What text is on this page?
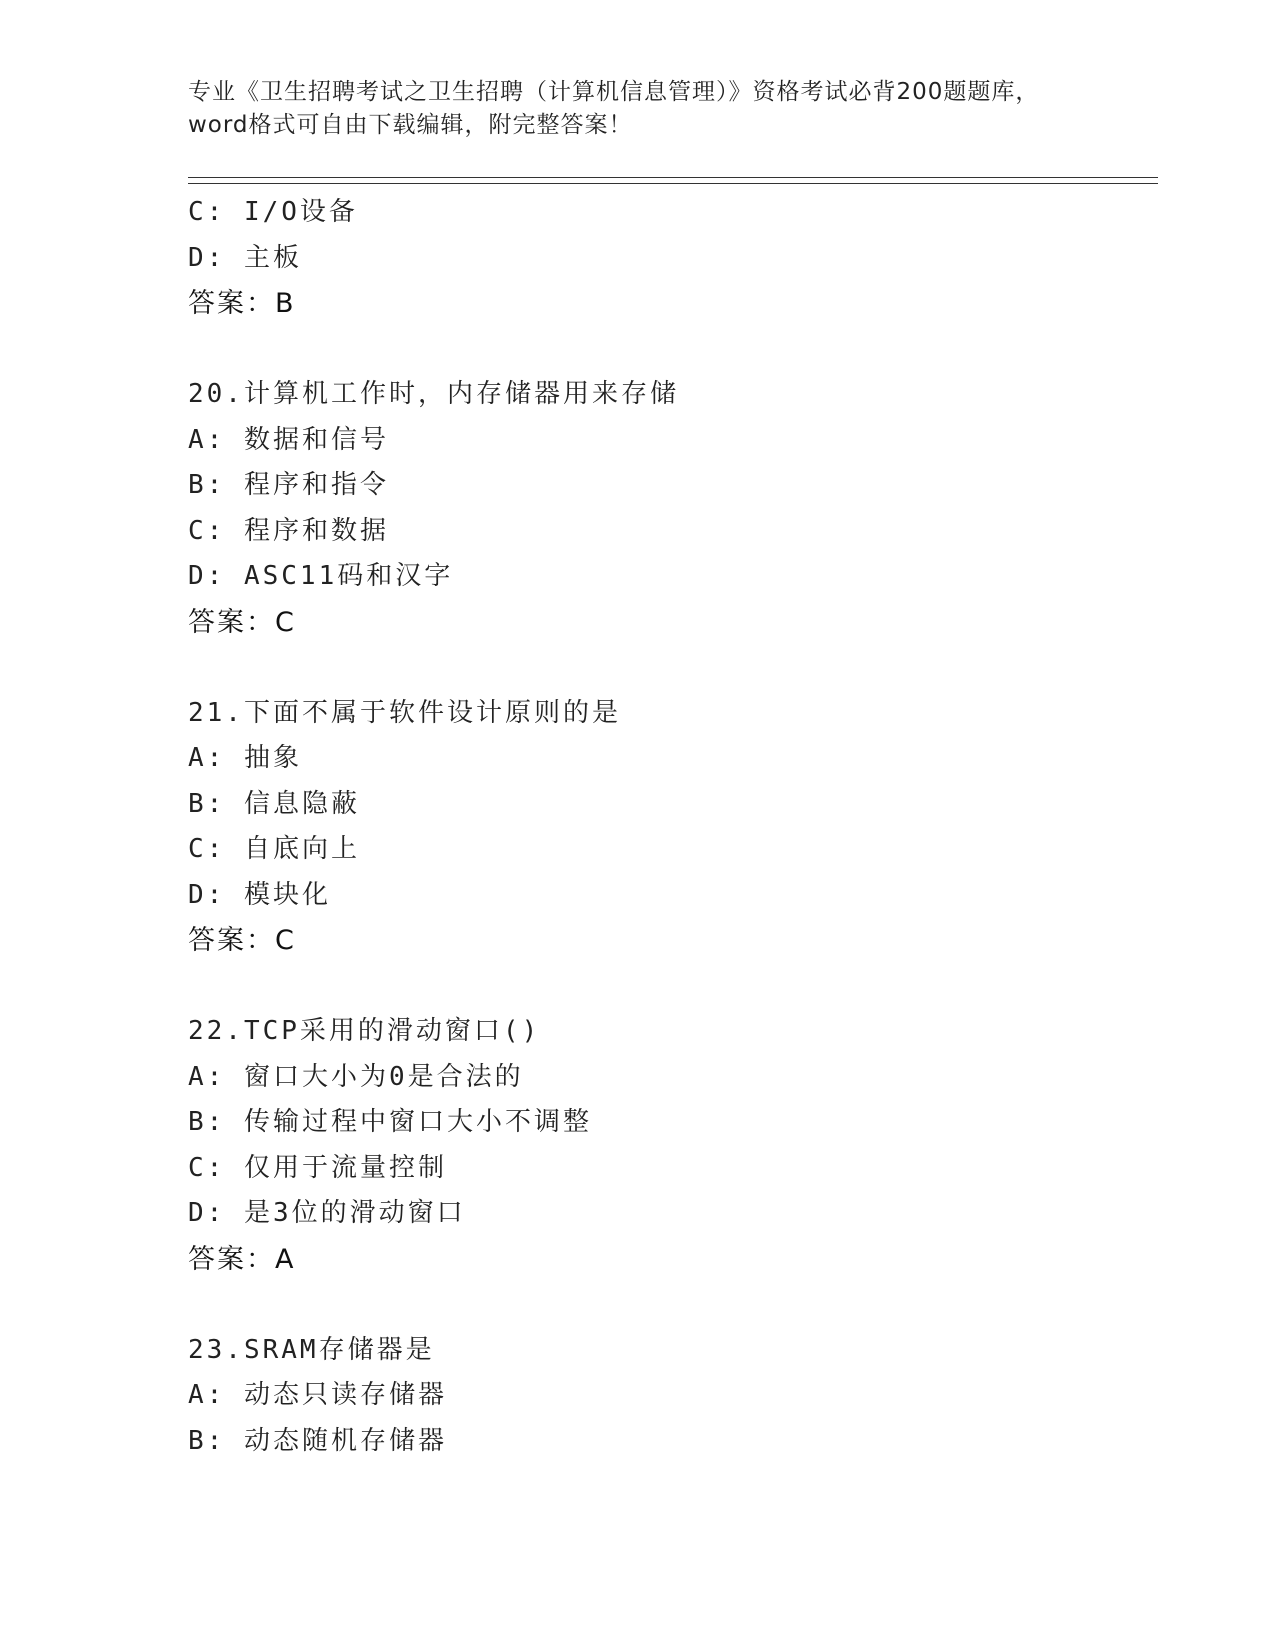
专业《卫生招聘考试之卫生招聘（计算机信息管理）》资格考试必背200题题库，
word格式可自由下载编辑，附完整答案！
C: I/O设备
D: 主板
答案：B
20.计算机工作时，内存储器用来存储
A: 数据和信号
B: 程序和指令
C: 程序和数据
D: ASC11码和汉字
答案：C
21.下面不属于软件设计原则的是
A: 抽象
B: 信息隐蔽
C: 自底向上
D: 模块化
答案：C
22.TCP采用的滑动窗口()
A: 窗口大小为0是合法的
B: 传输过程中窗口大小不调整
C: 仅用于流量控制
D: 是3位的滑动窗口
答案：A
23.SRAM存储器是
A: 动态只读存储器
B: 动态随机存储器
